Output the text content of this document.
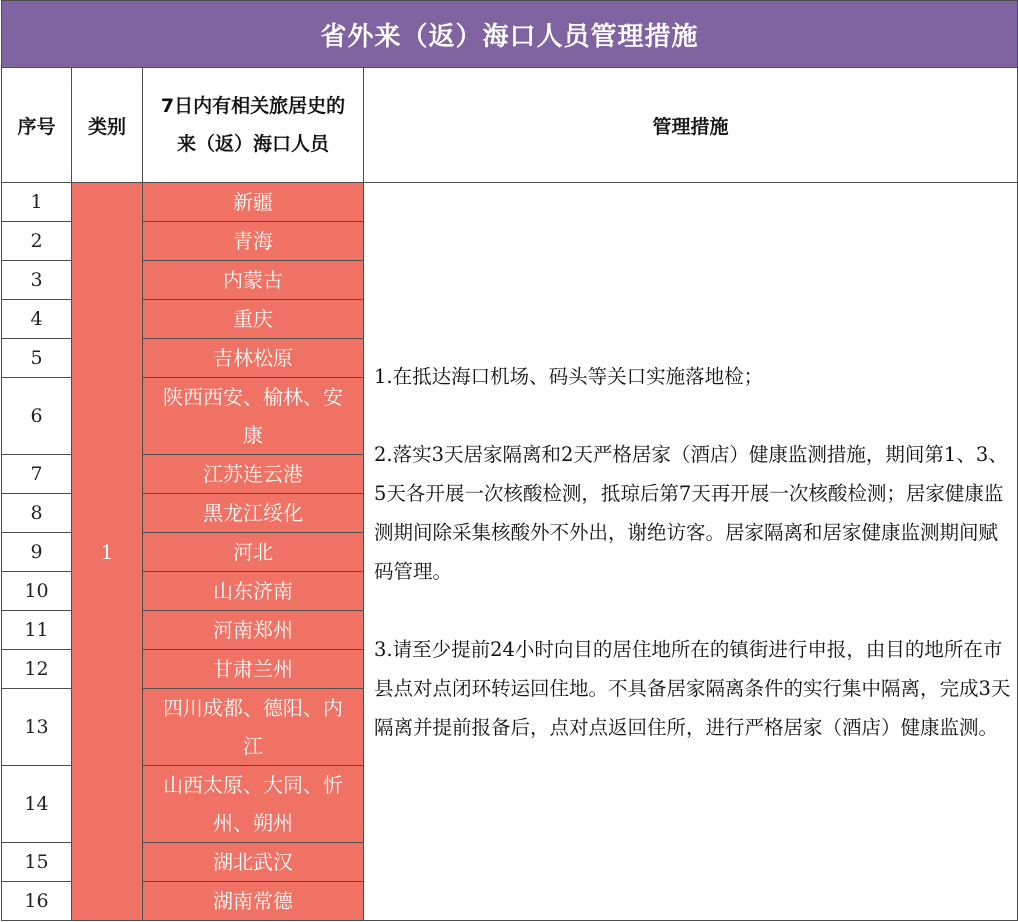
省外来（返）海口人员管理措施			
序号	类别	7日内有相关旅居史的来（返）海口人员	管理措施
1	1	新疆	1.在抵达海口机场、码头等关口实施落地检；

2.落实3天居家隔离和2天严格居家（酒店）健康监测措施，期间第1、3、5天各开展一次核酸检测，抵琼后第7天再开展一次核酸检测；居家健康监测期间除采集核酸外不外出，谢绝访客。居家隔离和居家健康监测期间赋码管理。

3.请至少提前24小时向目的居住地所在的镇街进行申报，由目的地所在市县点对点闭环转运回住地。不具备居家隔离条件的实行集中隔离，完成3天隔离并提前报备后，点对点返回住所，进行严格居家（酒店）健康监测。

2		青海	
3		内蒙古	
4		重庆	
5		吉林松原	
6		陕西西安、榆林、安康	
7		江苏连云港	
8		黑龙江绥化	
9		河北	
10		山东济南	
11		河南郑州	
12		甘肃兰州	
13		四川成都、德阳、内江	
14		山西太原、大同、忻州、朔州	
15		湖北武汉	
16		湖南常德	
